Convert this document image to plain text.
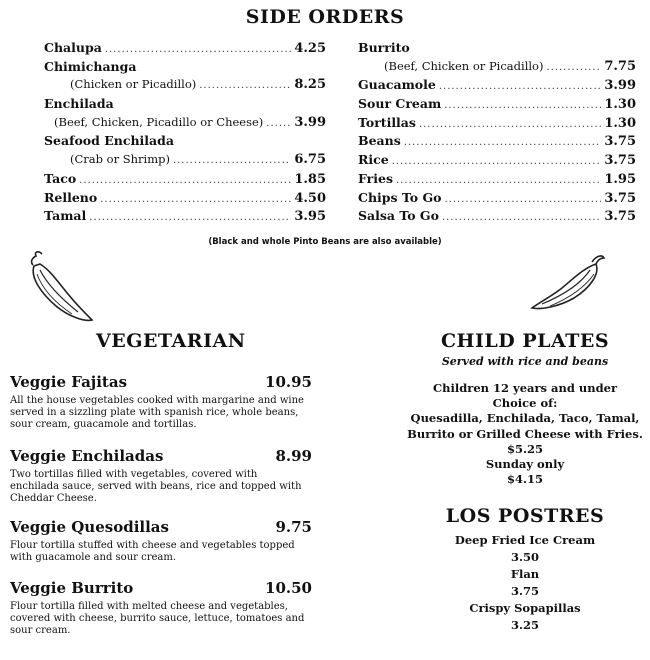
SIDE ORDERS
Chalupa .....	4.25
Chimichanga
(Chicken or Picadillo) .....	8.25
Enchilada
(Beef, Chicken, Picadillo or Cheese) ..... 3.99
Seafood Enchilada
(Crab or Shrimp) .....	6.75
Taco .....	1.85
Relleno .....	4.50
Tamal .....	3.95
Burrito
(Beef, Chicken or Picadillo) .....	7.75
Guacamole .....	3.99
Sour Cream .....	1.30
Tortillas .....	1.30
Beans .....	3.75
Rice .....	3.75
Fries .....	1.95
Chips To Go .....	3.75
Salsa To Go .....	3.75
(Black and whole Pinto Beans are also available)
VEGETARIAN
Veggie Fajitas	10.95
All the house vegetables cooked with margarine and wine served in a sizzling plate with spanish rice, whole beans, sour cream, guacamole and tortillas.
Veggie Enchiladas	8.99
Two tortillas filled with vegetables, covered with enchilada sauce, served with beans, rice and topped with Cheddar Cheese.
Veggie Quesodillas	9.75
Flour tortilla stuffed with cheese and vegetables topped with guacamole and sour cream.
Veggie Burrito	10.50
Flour tortilla filled with melted cheese and vegetables, covered with cheese, burrito sauce, lettuce, tomatoes and sour cream.
CHILD PLATES
Served with rice and beans
Children 12 years and under
Choice of:
Quesadilla, Enchilada, Taco, Tamal,
Burrito or Grilled Cheese with Fries.
$5.25
Sunday only
$4.15
LOS POSTRES
Deep Fried Ice Cream
3.50
Flan
3.75
Crispy Sopapillas
3.25
